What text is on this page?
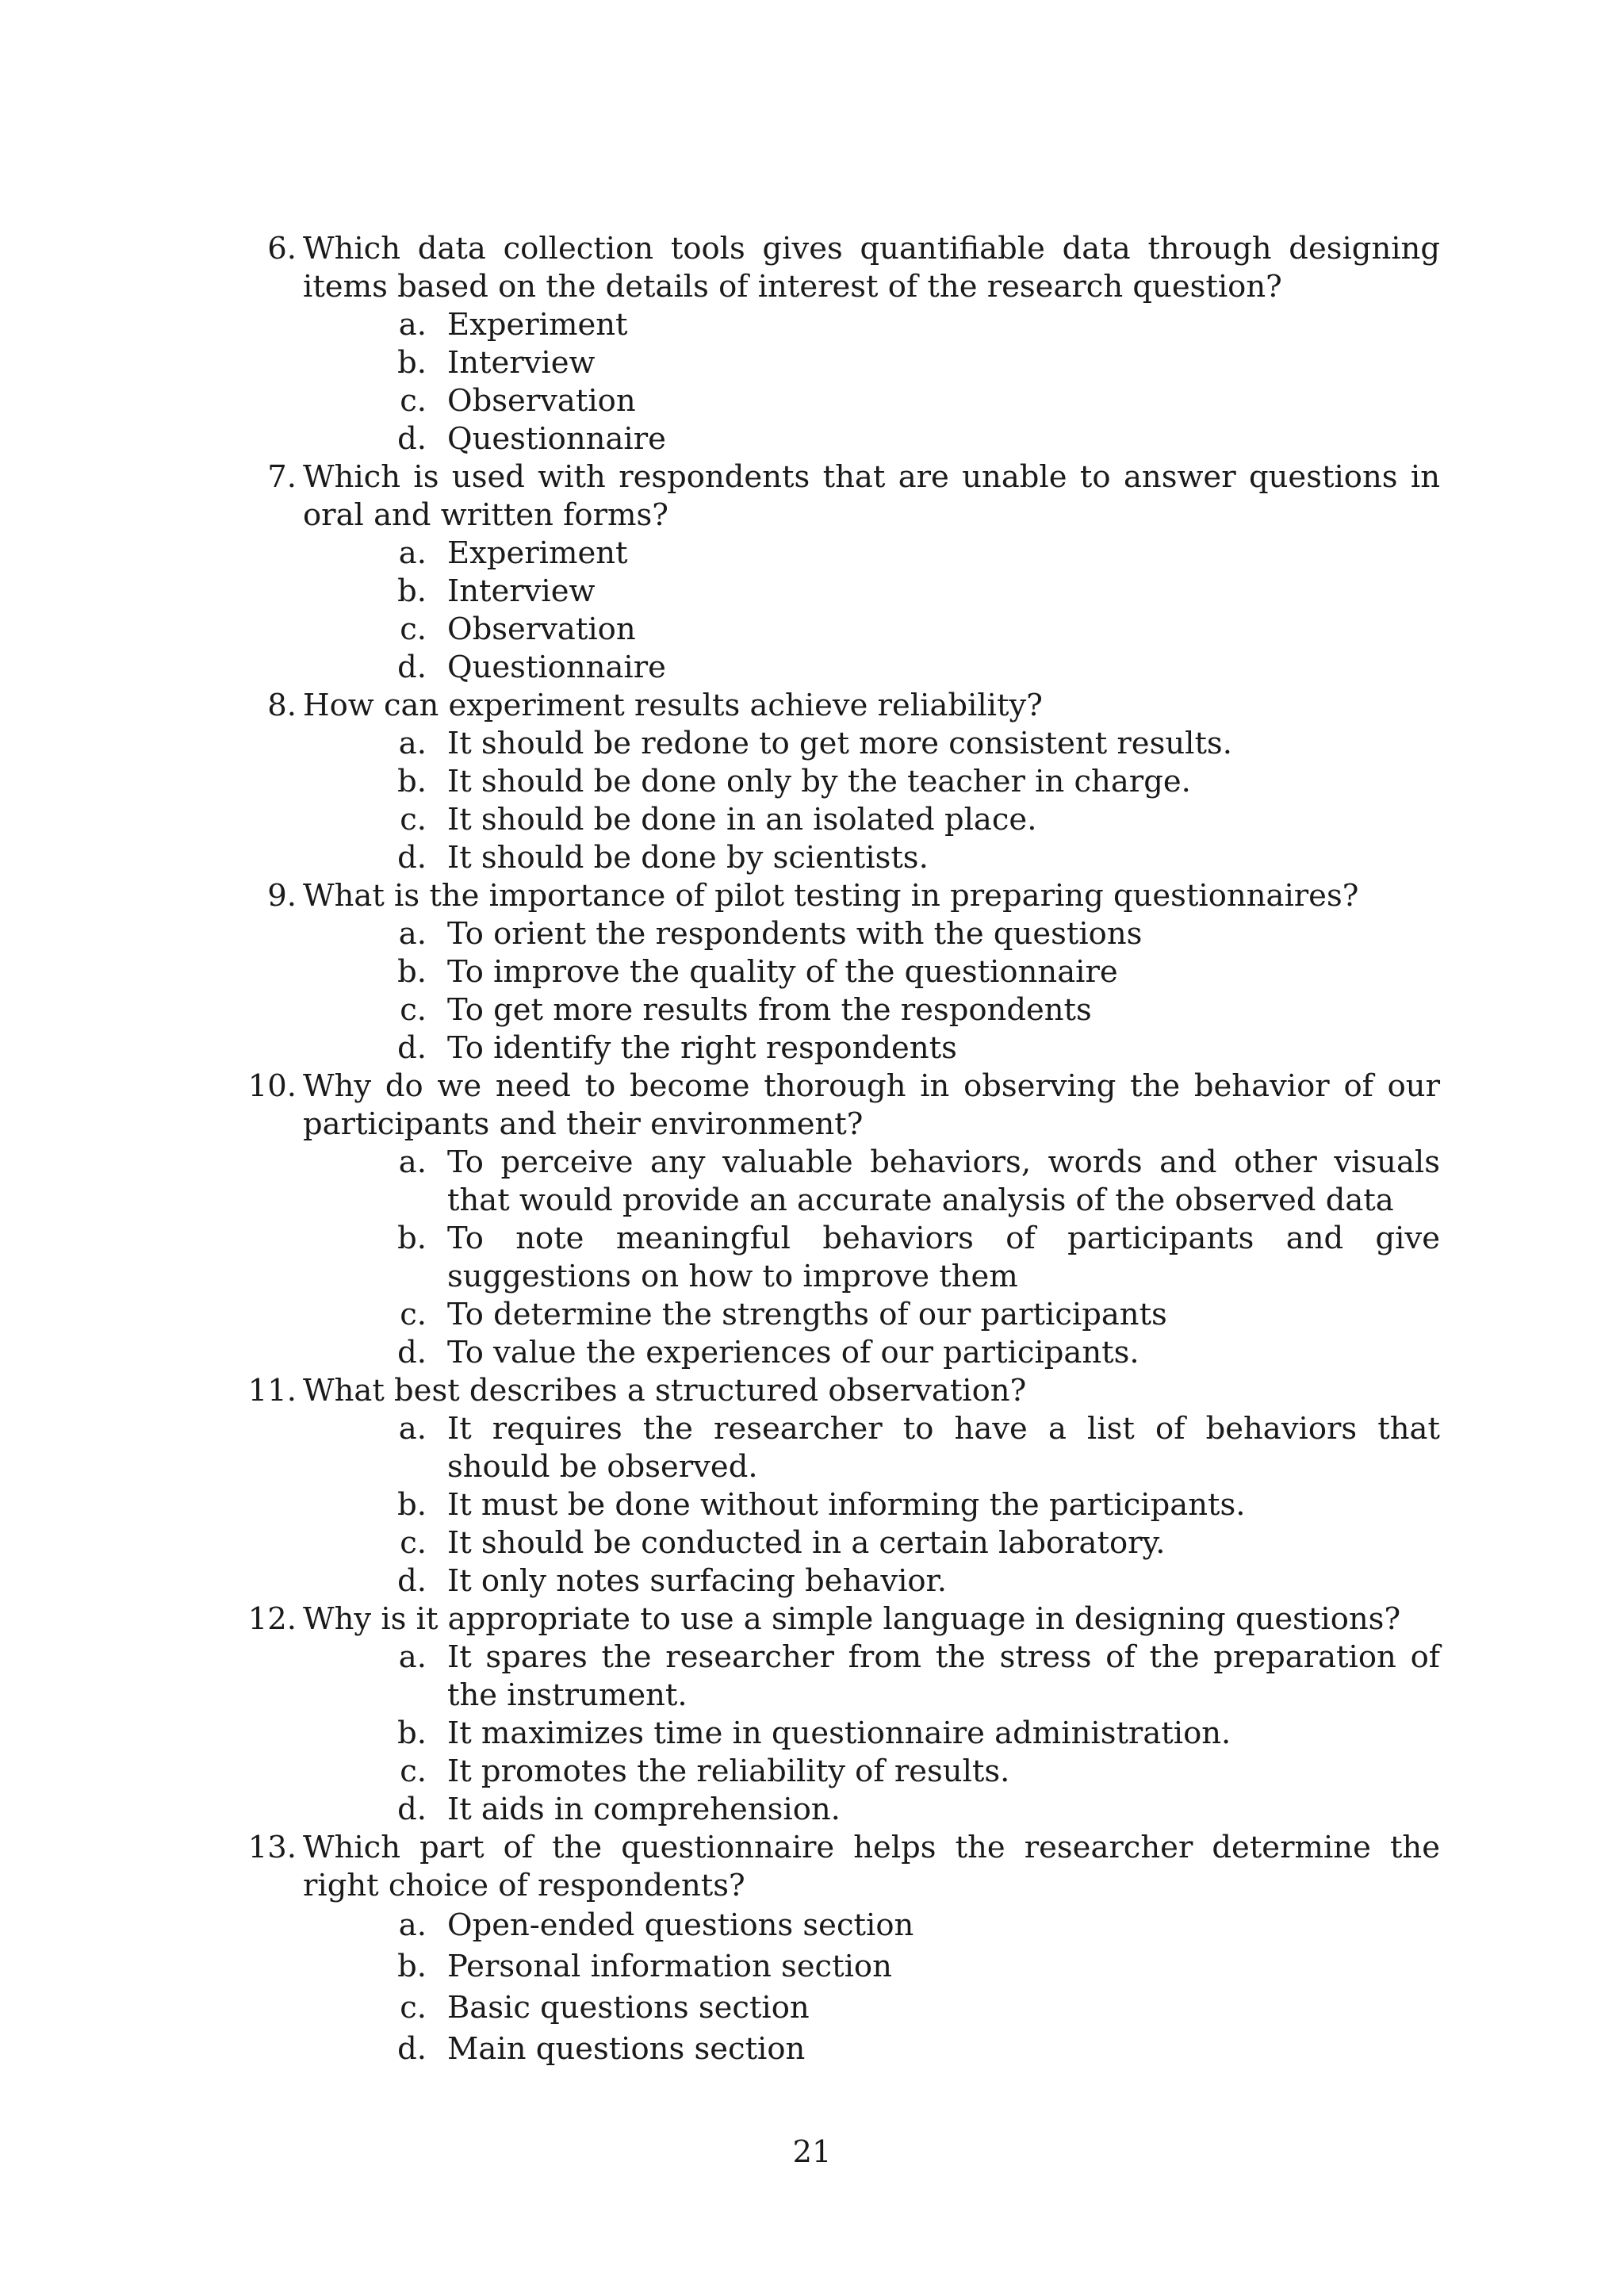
6. Which data collection tools gives quantifiable data through designing items based on the details of interest of the research question?

a. Experiment
b. Interview
c. Observation
d. Questionnaire
7. Which is used with respondents that are unable to answer questions in oral and written forms?

a. Experiment
b. Interview
c. Observation
d. Questionnaire
8. How can experiment results achieve reliability?

a. It should be redone to get more consistent results.
b. It should be done only by the teacher in charge.
c. It should be done in an isolated place.
d. It should be done by scientists.
9. What is the importance of pilot testing in preparing questionnaires?

a. To orient the respondents with the questions
b. To improve the quality of the questionnaire
c. To get more results from the respondents
d. To identify the right respondents
10. Why do we need to become thorough in observing the behavior of our participants and their environment?

a. To perceive any valuable behaviors, words and other visuals that would provide an accurate analysis of the observed data
b. To note meaningful behaviors of participants and give suggestions on how to improve them
c. To determine the strengths of our participants
d. To value the experiences of our participants.
11. What best describes a structured observation?

a. It requires the researcher to have a list of behaviors that should be observed.
b. It must be done without informing the participants.
c. It should be conducted in a certain laboratory.
d. It only notes surfacing behavior.
12. Why is it appropriate to use a simple language in designing questions?

a. It spares the researcher from the stress of the preparation of the instrument.
b. It maximizes time in questionnaire administration.
c. It promotes the reliability of results.
d. It aids in comprehension.
13. Which part of the questionnaire helps the researcher determine the right choice of respondents?

a. Open-ended questions section
b. Personal information section
c. Basic questions section
d. Main questions section
21
